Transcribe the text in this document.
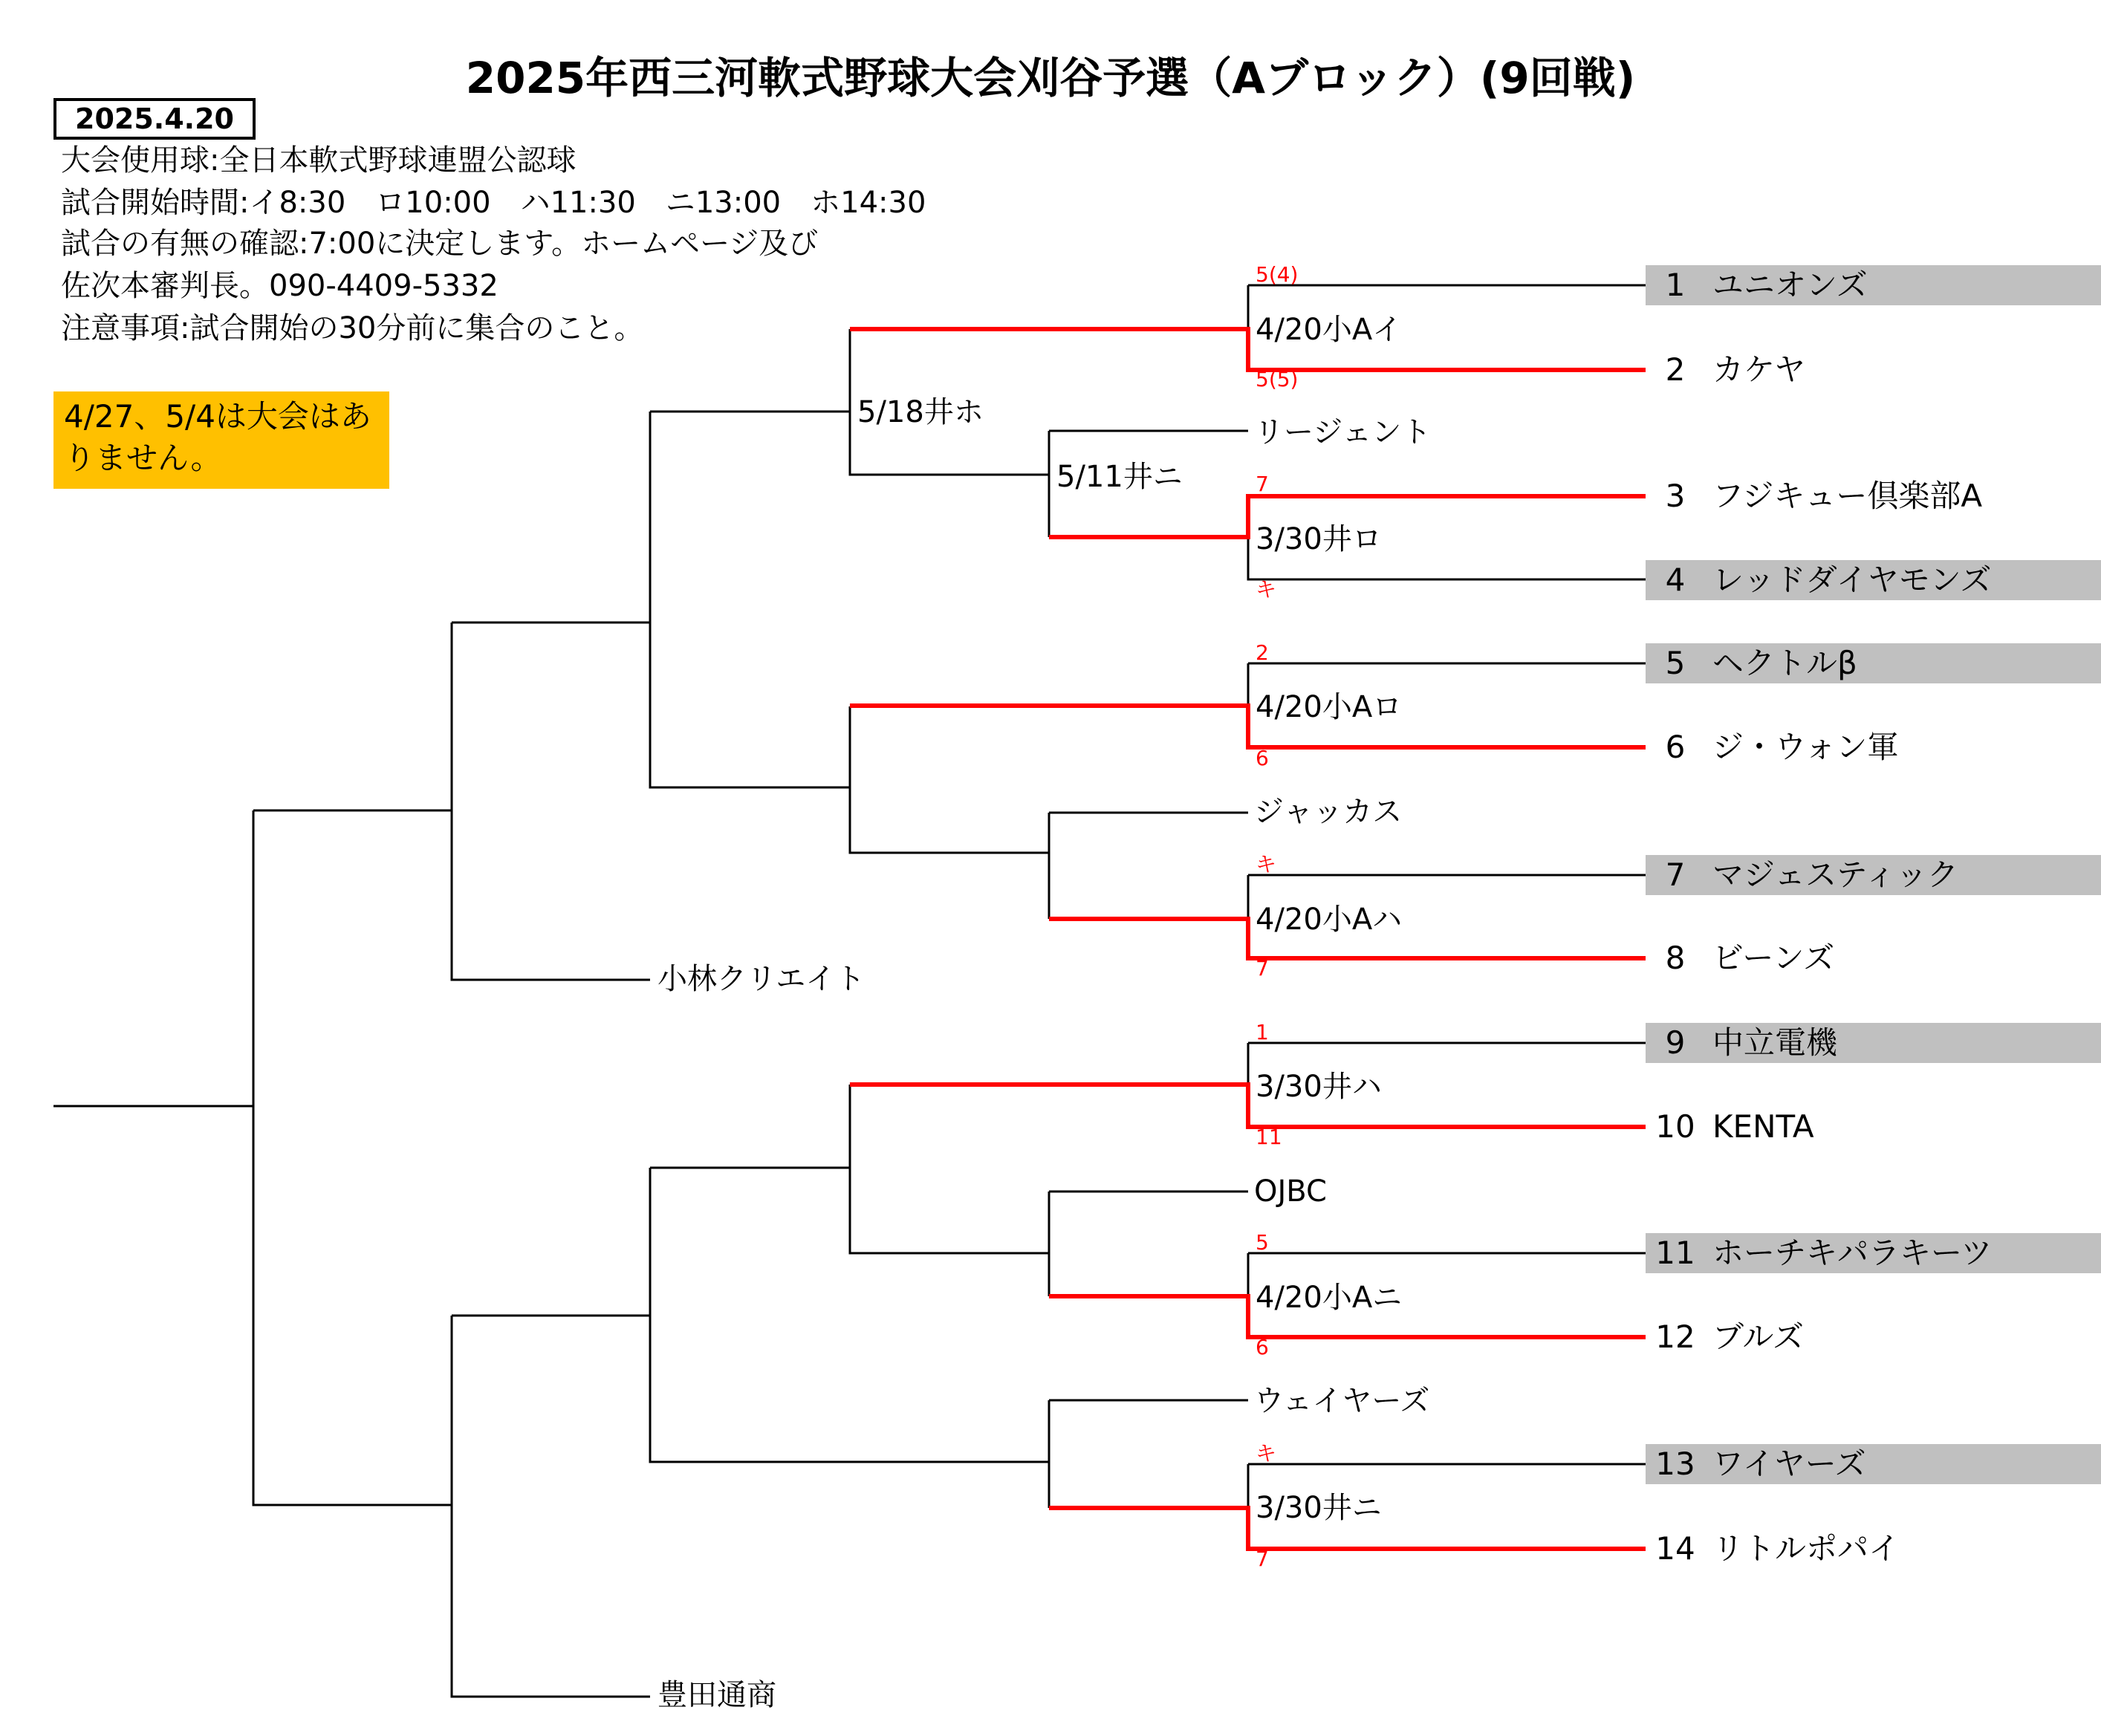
2025年西三河軟式野球大会刈谷予選（Aブロック）(9回戦)
2025.4.20
大会使用球:全日本軟式野球連盟公認球
試合開始時間:イ8:30　ロ10:00　ハ11:30　ニ13:00　ホ14:30
試合の有無の確認:7:00に決定します。ホームページ及び
佐次本審判長。090-4409-5332
注意事項:試合開始の30分前に集合のこと。
4/27、5/4は大会はありません。
1 ユニオンズ
2 カケヤ
3 フジキュー倶楽部A
4 レッドダイヤモンズ
5 ヘクトルβ
6 ジ・ウォン軍
7 マジェスティック
8 ビーンズ
9 中立電機
10 KENTA
11 ホーチキパラキーツ
12 ブルズ
13 ワイヤーズ
14 リトルポパイ
リージェント
ジャッカス
OJBC
ウェイヤーズ
小林クリエイト
豊田通商
4/20小Aイ
3/30井ロ
4/20小Aロ
4/20小Aハ
3/30井ハ
4/20小Aニ
3/30井ニ
5/11井ニ
5/18井ホ
5(4)
5(5)
7
キ
2
6
キ
7
1
11
5
6
キ
7
